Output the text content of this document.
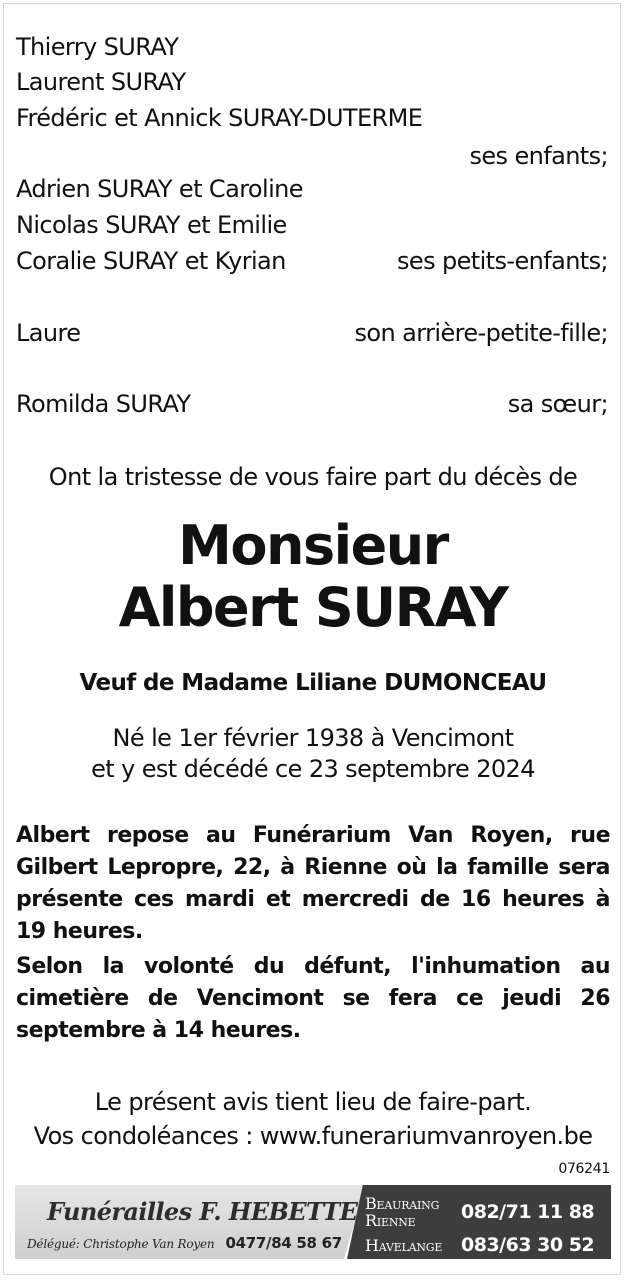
Thierry SURAY
Laurent SURAY
Frédéric et Annick SURAY-DUTERME
ses enfants;
Adrien SURAY et Caroline
Nicolas SURAY et Emilie
Coralie SURAY et Kyrian	ses petits-enfants;
Laure	son arrière-petite-fille;
Romilda SURAY	sa sœur;
Ont la tristesse de vous faire part du décès de
Monsieur
Albert SURAY
Veuf de Madame Liliane DUMONCEAU
Né le 1er février 1938 à Vencimont
et y est décédé ce 23 septembre 2024
Albert repose au Funérarium Van Royen, rue Gilbert Lepropre, 22, à Rienne où la famille sera présente ces mardi et mercredi de 16 heures à 19 heures.
Selon la volonté du défunt, l'inhumation au cimetière de Vencimont se fera ce jeudi 26 septembre à 14 heures.
Le présent avis tient lieu de faire-part.
Vos condoléances : www.funerariumvanroyen.be
076241
Funérailles F. HEBETTE
Délégué: Christophe Van Royen 0477/84 58 67
Beauraing
Rienne 082/71 11 88
Havelange 083/63 30 52
